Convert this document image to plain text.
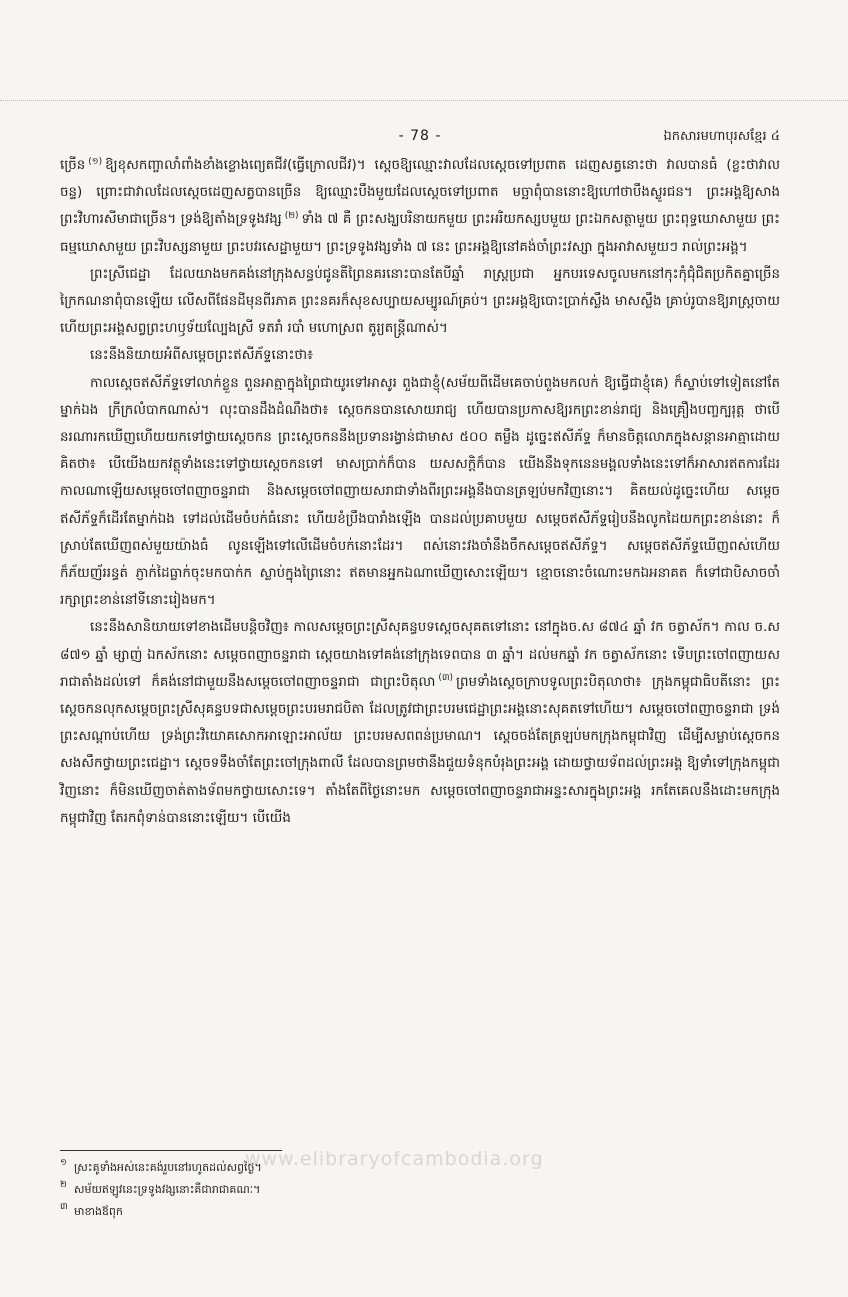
- 78 -	ឯកសារមហាបុរសខ្មែរ ៤

ច្រើន $^{(១)}$ ឱ្យខុសកញ្ចាលាំពាំងខាំងខ្លោងព្យេតជីវ(ធ្វើក្រោលជីវ)។ ស្តេចឱ្យឈ្មោះវាលដែលស្តេចទៅប្រពាត ដេញសត្វនោះថា វាលបានធំ (ខ្លះថាវាលចន្ទ) ព្រោះជាវាលដែលស្តេចដេញសត្វបានច្រើន ឱ្យឈ្មោះបឹងមួយដែលស្តេចទៅប្រពាត មច្ឆាពុំបាននោះឱ្យហៅថាបឹងស្លូរជន។ ព្រះអង្គឱ្យសាងព្រះវិហារសីមាជាច្រើន។ ទ្រង់ឱ្យតាំងទ្រទូងវង្ស $^{(២)}$ ទាំង ៧ គឺ ព្រះសង្ឃបរិនាយកមួយ ព្រះអរិយកស្សបមួយ ព្រះឯកសត្ថាមួយ ព្រះពុទ្ធឃោសាមួយ ព្រះធម្មឃោសាមួយ ព្រះវិបស្សនាមួយ ព្រះបវរសេដ្ឋាមួយ។ ព្រះទ្រទូងវង្សទាំង ៧ នេះ ព្រះអង្គឱ្យនៅគង់ចាំព្រះវស្សា ក្នុងអាវាសមួយៗ រាល់ព្រះអង្គ។

ព្រះស្រីជេដ្ឋា ដែលយាងមកគង់នៅក្រុងសន្ធប់ជូនតីព្រៃនគរនោះបានតែបីឆ្នាំ រាស្ត្រប្រជា អ្នកបរទេសចូលមកនៅកុះកុំជុំជិតប្រកិតគ្នាច្រើនក្រៃកណនាពុំបានឡើយ លើសពីផែនដីមុនពីរភាគ ព្រះនគរក៏សុខសប្បាយសម្បូរណ៍គ្រប់។ ព្រះអង្គឱ្យបោះប្រាក់ស្លឹង មាសស្លឹង គ្រាប់រូបានឱ្យរាស្ត្រចាយ ហើយព្រះអង្គសព្វព្រះហឫទ័យល្បែងស្រី ទតរាំ របាំ មហោស្រព តូរ្យតន្ត្រីណាស់។

នេះនឹងនិយាយអំពីសម្តេចព្រះឥសីភ័ទ្ទនោះថា៖

កាលស្តេចឥសីភ័ទ្ទទៅលាក់ខ្លួន ពួនអាត្មាក្នុងព្រៃជាយូរទៅអាសូរ ពួងជាខ្ញុំ(សម័យពីដើមគេចាប់ពួងមកលក់ ឱ្យធ្វើជាខ្ញុំគេ) ក៏ស្ទាប់ទៅទៀតនៅតែម្នាក់ឯង ក្រីក្រលំបាកណាស់។ លុះបានដឹងដំណឹងថា៖ ស្តេចកនបានសោយរាជ្យ ហើយបានប្រកាសឱ្យរកព្រះខាន់រាជ្យ និងគ្រឿងបញ្ចក្បរុត្ត ថាបើនរណារកឃើញហើយយកទៅថ្វាយស្តេចកន ព្រះស្តេចកននឹងប្រទានរង្វាន់ជាមាស ៥០០ តម្លឹង ដូច្នេះឥសីភ័ទ្ទ ក៏មានចិត្តលោភក្នុងសន្តានអាត្មាដោយគិតថា៖ បើយើងយកវត្ថុទាំងនេះទៅថ្វាយស្តេចកនទៅ មាសប្រាក់ក៏បាន យសសក្តិក៏បាន យើងនឹងទុកនេនមង្គលទាំងនេះទៅក៏អាសារឥតការដែរ កាលណាឡើយសម្តេចចៅពញាចន្ទរាជា និងសម្តេចចៅពញាយសរាជាទាំងពីរព្រះអង្គនឹងបានត្រឡប់មកវិញនោះ។ គិតយល់ដូច្នេះហើយ សម្តេចឥសីភ័ទ្ទក៏ដើរតែម្នាក់ឯង ទៅដល់ដើមចំបក់ធំនោះ ហើយខំប្រឹងបារាំងឡើង បានដល់ប្រគាបមួយ សម្តេចឥសីភ័ទ្ទរៀបនឹងលូកដៃយកព្រះខាន់នោះ ក៏ស្រាប់តែឃើញពស់មួយយ៉ាងធំ លូនឡើងទៅលើដើមចំបក់នោះដែរ។ ពស់នោះវងចាំនឹងចឹកសម្តេចឥសីភ័ទ្ទ។ សម្តេចឥសីភ័ទ្ទឃើញពស់ហើយក៏ភ័យញ័ររន្ធត់ ភ្ញាក់ដៃធ្លាក់ចុះមកបាក់ក ស្លាប់ក្នុងព្រៃនោះ ឥតមានអ្នកឯណាឃើញសោះឡើយ។ ខ្មោចនោះចំណោះមកឯអនាគត ក៏ទៅជាបិសាចចាំរក្សាព្រះខាន់នៅទីនោះរៀងមក។

នេះនឹងសានិយាយទៅខាងដើមបន្តិចវិញ៖ កាលសម្តេចព្រះស្រីសុគន្ធបទស្តេចសុគតទៅនោះ នៅក្នុងច.ស ៨៧៤ ឆ្នាំ វក ចត្វាស័ក។ កាល ច.ស ៨៧១ ឆ្នាំ ម្សាញ់ ឯកស័កនោះ សម្តេចពញាចន្ទរាជា ស្តេចយាងទៅគង់នៅក្រុងទេពបាន ៣ ឆ្នាំ។ ដល់មកឆ្នាំ វក ចត្វាស័កនោះ ទើបព្រះចៅពញាយសរាជាតាំងដល់ទៅ ក៏គង់នៅជាមួយនឹងសម្តេចចៅពញាចន្ទរាជា ជាព្រះបិតុលា $^{(៣)}$ ព្រមទាំងស្តេចក្រាបទូលព្រះបិតុលាថា៖ ក្រុងកម្ពុជាធិបតីនោះ ព្រះស្តេចកនលុកសម្តេចព្រះស្រីសុគន្ធបទជាសម្តេចព្រះបរមរាជបិតា ដែលត្រូវជាព្រះបរមជេដ្ឋាព្រះអង្គនោះសុគតទៅហើយ។ សម្តេចចៅពញាចន្ទរាជា ទ្រង់ព្រះសណ្តាប់ហើយ ទ្រង់ព្រះវិយោគសោកអាឡោះអាល័យ ព្រះបរមសពពន់ប្រមាណ។ ស្តេចចង់តែត្រឡប់មកក្រុងកម្ពុជាវិញ ដើម្បីសម្លាប់ស្តេចកនសងសឹកថ្វាយព្រះជេដ្ឋា។ ស្តេចទទឹងចាំតែព្រះចៅក្រុងពាលី ដែលបានព្រមថានឹងជួយទំនុកបំរុងព្រះអង្គ ដោយថ្វាយទ័ពដល់ព្រះអង្គ ឱ្យទាំទៅក្រុងកម្ពុជាវិញនោះ ក៏មិនឃើញចាត់តាងទ័ពមកថ្វាយសោះទេ។ តាំងតែពីថ្ងៃនោះមក សម្តេចចៅពញាចន្ទរាជាអន្ទះសារក្នុងព្រះអង្គ រកតែគេលនឹងដោះមកក្រុងកម្ពុជាវិញ តែរកពុំទាន់បាននោះឡើយ។ បើយើង

www.elibraryofcambodia.org
១ ស្រះគូទាំងអស់នេះគង់រួបនៅរហូតដល់សព្វថ្ងៃ។
២ សម័យឥឡូវនេះទ្រទូងវង្សនោះគឺជារាជាគណៈ។
៣ មាខាងឪពុក
